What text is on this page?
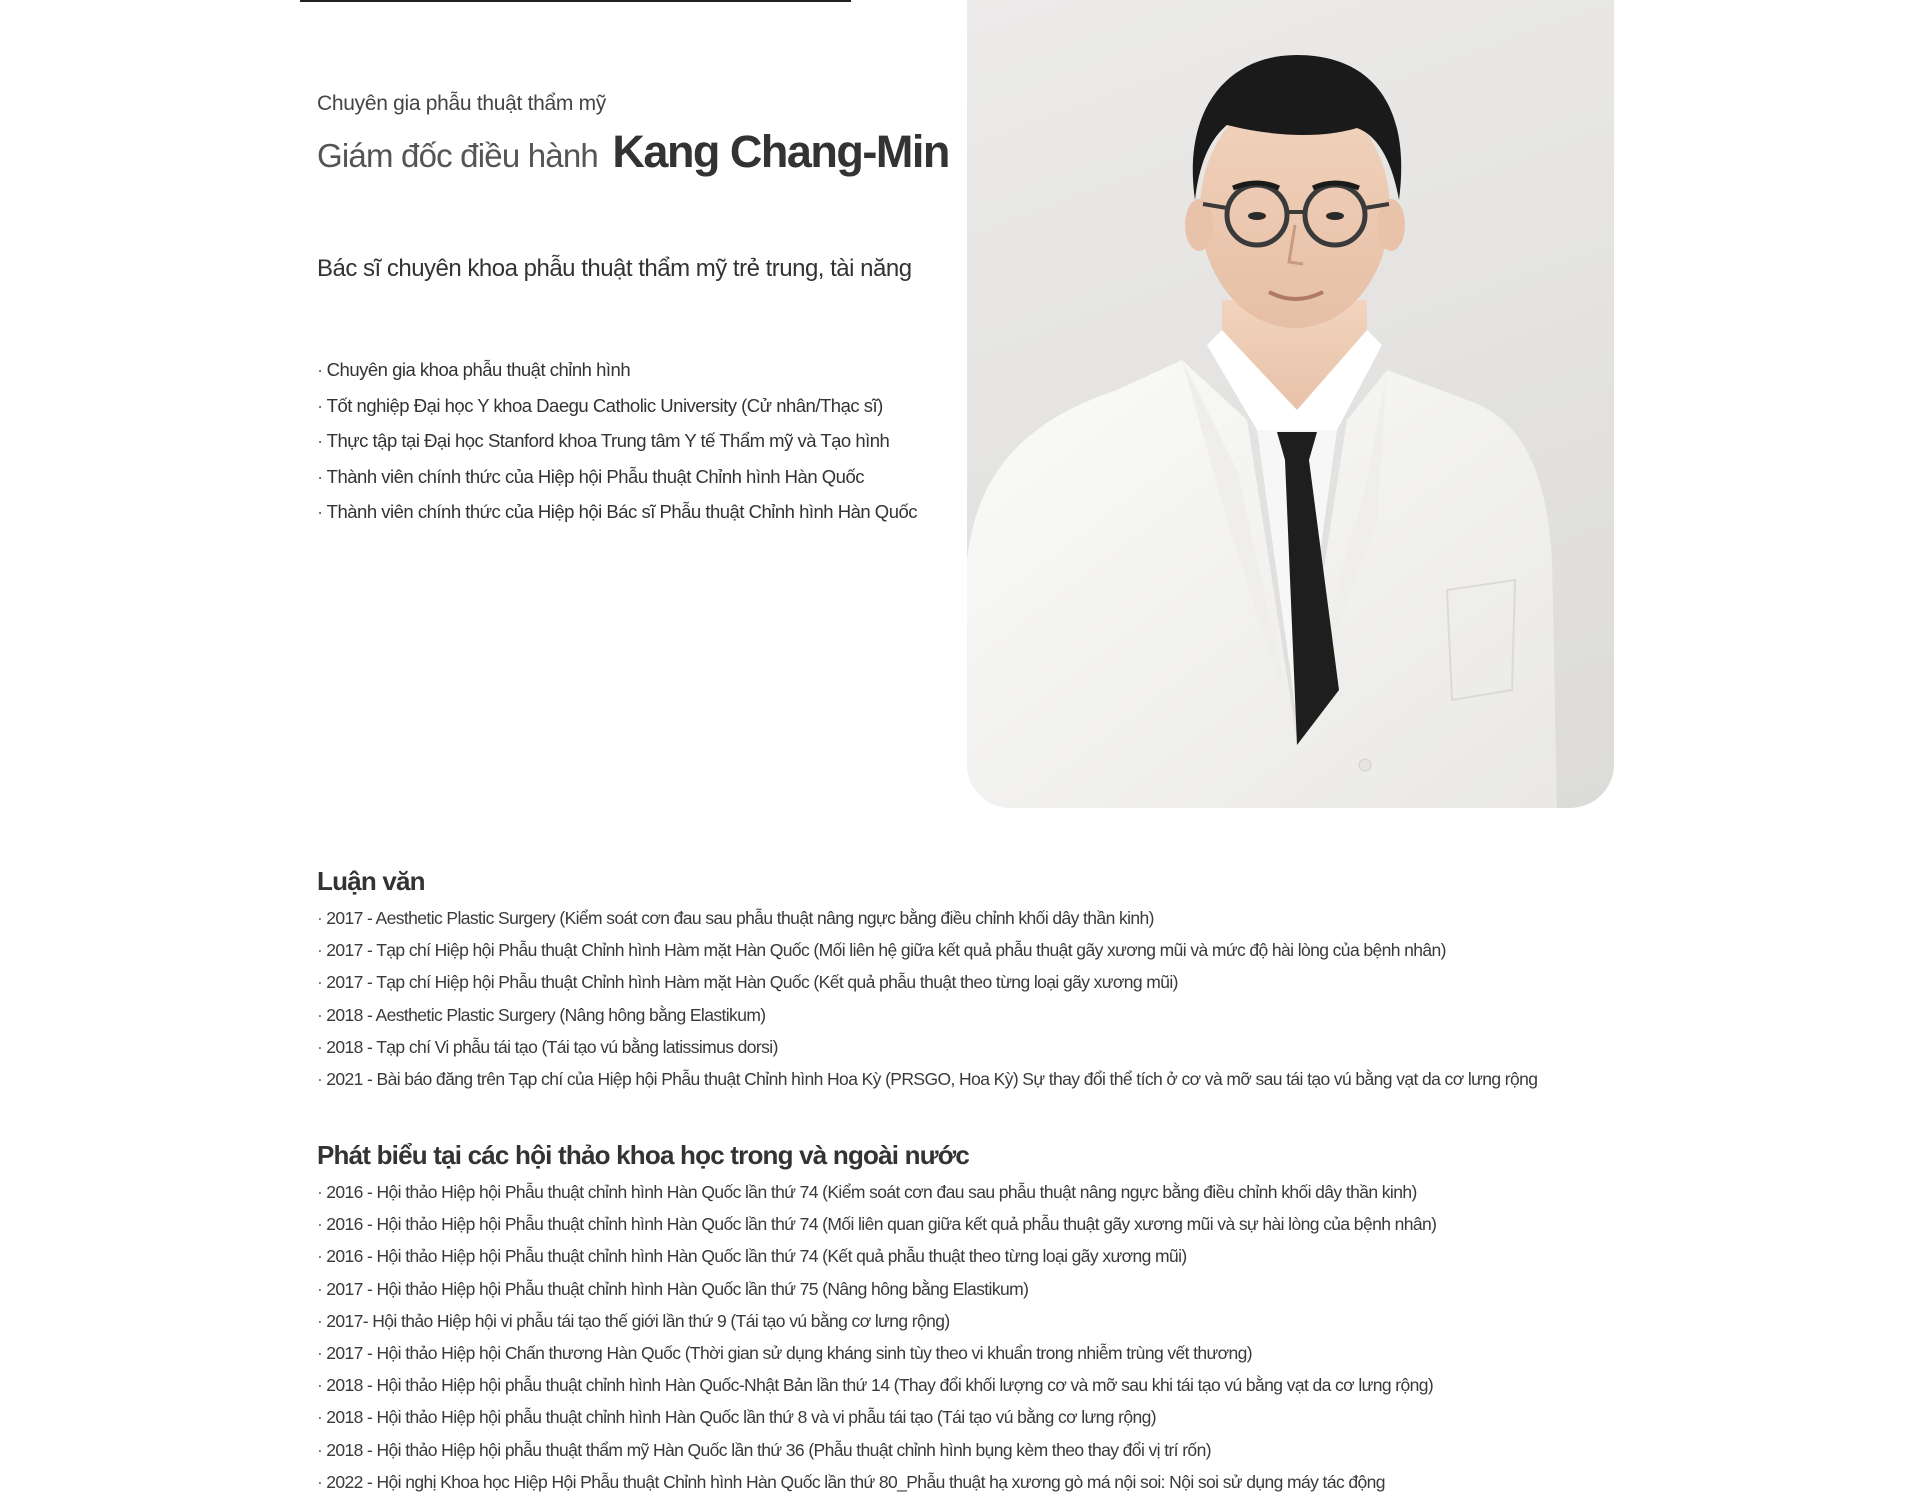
Chuyên gia phẫu thuật thẩm mỹ

Giám đốc điều hành Kang Chang-Min

Bác sĩ chuyên khoa phẫu thuật thẩm mỹ trẻ trung, tài năng

· Chuyên gia khoa phẫu thuật chỉnh hình
· Tốt nghiệp Đại học Y khoa Daegu Catholic University (Cử nhân/Thạc sĩ)
· Thực tập tại Đại học Stanford khoa Trung tâm Y tế Thẩm mỹ và Tạo hình
· Thành viên chính thức của Hiệp hội Phẫu thuật Chỉnh hình Hàn Quốc
· Thành viên chính thức của Hiệp hội Bác sĩ Phẫu thuật Chỉnh hình Hàn Quốc
Luận văn
· 2017 - Aesthetic Plastic Surgery (Kiểm soát cơn đau sau phẫu thuật nâng ngực bằng điều chỉnh khối dây thần kinh)
· 2017 - Tạp chí Hiệp hội Phẫu thuật Chỉnh hình Hàm mặt Hàn Quốc (Mối liên hệ giữa kết quả phẫu thuật gãy xương mũi và mức độ hài lòng của bệnh nhân)
· 2017 - Tạp chí Hiệp hội Phẫu thuật Chỉnh hình Hàm mặt Hàn Quốc (Kết quả phẫu thuật theo từng loại gãy xương mũi)
· 2018 - Aesthetic Plastic Surgery (Nâng hông bằng Elastikum)
· 2018 - Tạp chí Vi phẫu tái tạo (Tái tạo vú bằng latissimus dorsi)
· 2021 - Bài báo đăng trên Tạp chí của Hiệp hội Phẫu thuật Chỉnh hình Hoa Kỳ (PRSGO, Hoa Kỳ) Sự thay đổi thể tích ở cơ và mỡ sau tái tạo vú bằng vạt da cơ lưng rộng
Phát biểu tại các hội thảo khoa học trong và ngoài nước
· 2016 - Hội thảo Hiệp hội Phẫu thuật chỉnh hình Hàn Quốc lần thứ 74 (Kiểm soát cơn đau sau phẫu thuật nâng ngực bằng điều chỉnh khối dây thần kinh)
· 2016 - Hội thảo Hiệp hội Phẫu thuật chỉnh hình Hàn Quốc lần thứ 74 (Mối liên quan giữa kết quả phẫu thuật gãy xương mũi và sự hài lòng của bệnh nhân)
· 2016 - Hội thảo Hiệp hội Phẫu thuật chỉnh hình Hàn Quốc lần thứ 74 (Kết quả phẫu thuật theo từng loại gãy xương mũi)
· 2017 - Hội thảo Hiệp hội Phẫu thuật chỉnh hình Hàn Quốc lần thứ 75 (Nâng hông bằng Elastikum)
· 2017- Hội thảo Hiệp hội vi phẫu tái tạo thế giới lần thứ 9 (Tái tạo vú bằng cơ lưng rộng)
· 2017 - Hội thảo Hiệp hội Chấn thương Hàn Quốc (Thời gian sử dụng kháng sinh tùy theo vi khuẩn trong nhiễm trùng vết thương)
· 2018 - Hội thảo Hiệp hội phẫu thuật chỉnh hình Hàn Quốc-Nhật Bản lần thứ 14 (Thay đổi khối lượng cơ và mỡ sau khi tái tạo vú bằng vạt da cơ lưng rộng)
· 2018 - Hội thảo Hiệp hội phẫu thuật chỉnh hình Hàn Quốc lần thứ 8 và vi phẫu tái tạo (Tái tạo vú bằng cơ lưng rộng)
· 2018 - Hội thảo Hiệp hội phẫu thuật thẩm mỹ Hàn Quốc lần thứ 36 (Phẫu thuật chỉnh hình bụng kèm theo thay đổi vị trí rốn)
· 2022 - Hội nghị Khoa học Hiệp Hội Phẫu thuật Chỉnh hình Hàn Quốc lần thứ 80_Phẫu thuật hạ xương gò má nội soi: Nội soi sử dụng máy tác động
